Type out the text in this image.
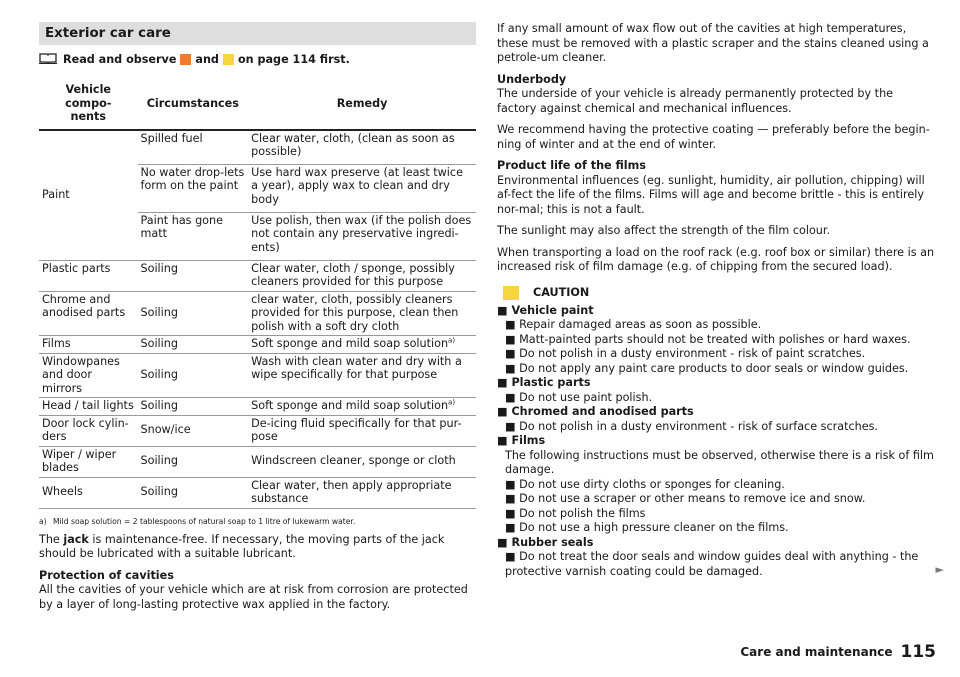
Exterior car care
Read and observe and on page 114 first.
Vehicle compo-
nents	Circumstances	Remedy
Paint	Spilled fuel	Clear water, cloth, (clean as soon as possible)
	No water drop-lets form on the paint	Use hard wax preserve (at least twice a year), apply wax to clean and dry body
	Paint has gone matt	Use polish, then wax (if the polish does not contain any preservative ingredi-ents)
Plastic parts	Soiling	Clear water, cloth / sponge, possibly cleaners provided for this purpose
Chrome and anodised parts	Soiling	clear water, cloth, possibly cleaners provided for this purpose, clean then polish with a soft dry cloth
Films	Soiling	Soft sponge and mild soap solution$^{a)}$
Windowpanes and door mirrors	Soiling	Wash with clean water and dry with a wipe specifically for that purpose
Head / tail lights	Soiling	Soft sponge and mild soap solution$^{a)}$
Door lock cylin-ders	Snow/ice	De-icing fluid specifically for that pur-pose
Wiper / wiper blades	Soiling	Windscreen cleaner, sponge or cloth
Wheels	Soiling	Clear water, then apply appropriate substance
a) Mild soap solution = 2 tablespoons of natural soap to 1 litre of lukewarm water.

The jack is maintenance-free. If necessary, the moving parts of the jack should be lubricated with a suitable lubricant.

Protection of cavities

All the cavities of your vehicle which are at risk from corrosion are protected by a layer of long-lasting protective wax applied in the factory.

If any small amount of wax flow out of the cavities at high temperatures, these must be removed with a plastic scraper and the stains cleaned using a petrole-um cleaner.

Underbody

The underside of your vehicle is already permanently protected by the factory against chemical and mechanical influences.

We recommend having the protective coating — preferably before the begin-ning of winter and at the end of winter.

Product life of the films

Environmental influences (eg. sunlight, humidity, air pollution, chipping) will af-fect the life of the films. Films will age and become brittle - this is entirely nor-mal; this is not a fault.

The sunlight may also affect the strength of the film colour.

When transporting a load on the roof rack (e.g. roof box or similar) there is an increased risk of film damage (e.g. of chipping from the secured load).

CAUTION
■ Vehicle paint
■ Repair damaged areas as soon as possible.
■ Matt-painted parts should not be treated with polishes or hard waxes.
■ Do not polish in a dusty environment - risk of paint scratches.
■ Do not apply any paint care products to door seals or window guides.
■ Plastic parts
■ Do not use paint polish.
■ Chromed and anodised parts
■ Do not polish in a dusty environment - risk of surface scratches.
■ Films
The following instructions must be observed, otherwise there is a risk of film damage.
■ Do not use dirty cloths or sponges for cleaning.
■ Do not use a scraper or other means to remove ice and snow.
■ Do not polish the films
■ Do not use a high pressure cleaner on the films.
■ Rubber seals
■ Do not treat the door seals and window guides deal with anything - the protective varnish coating could be damaged.	►
Care and maintenance 115
